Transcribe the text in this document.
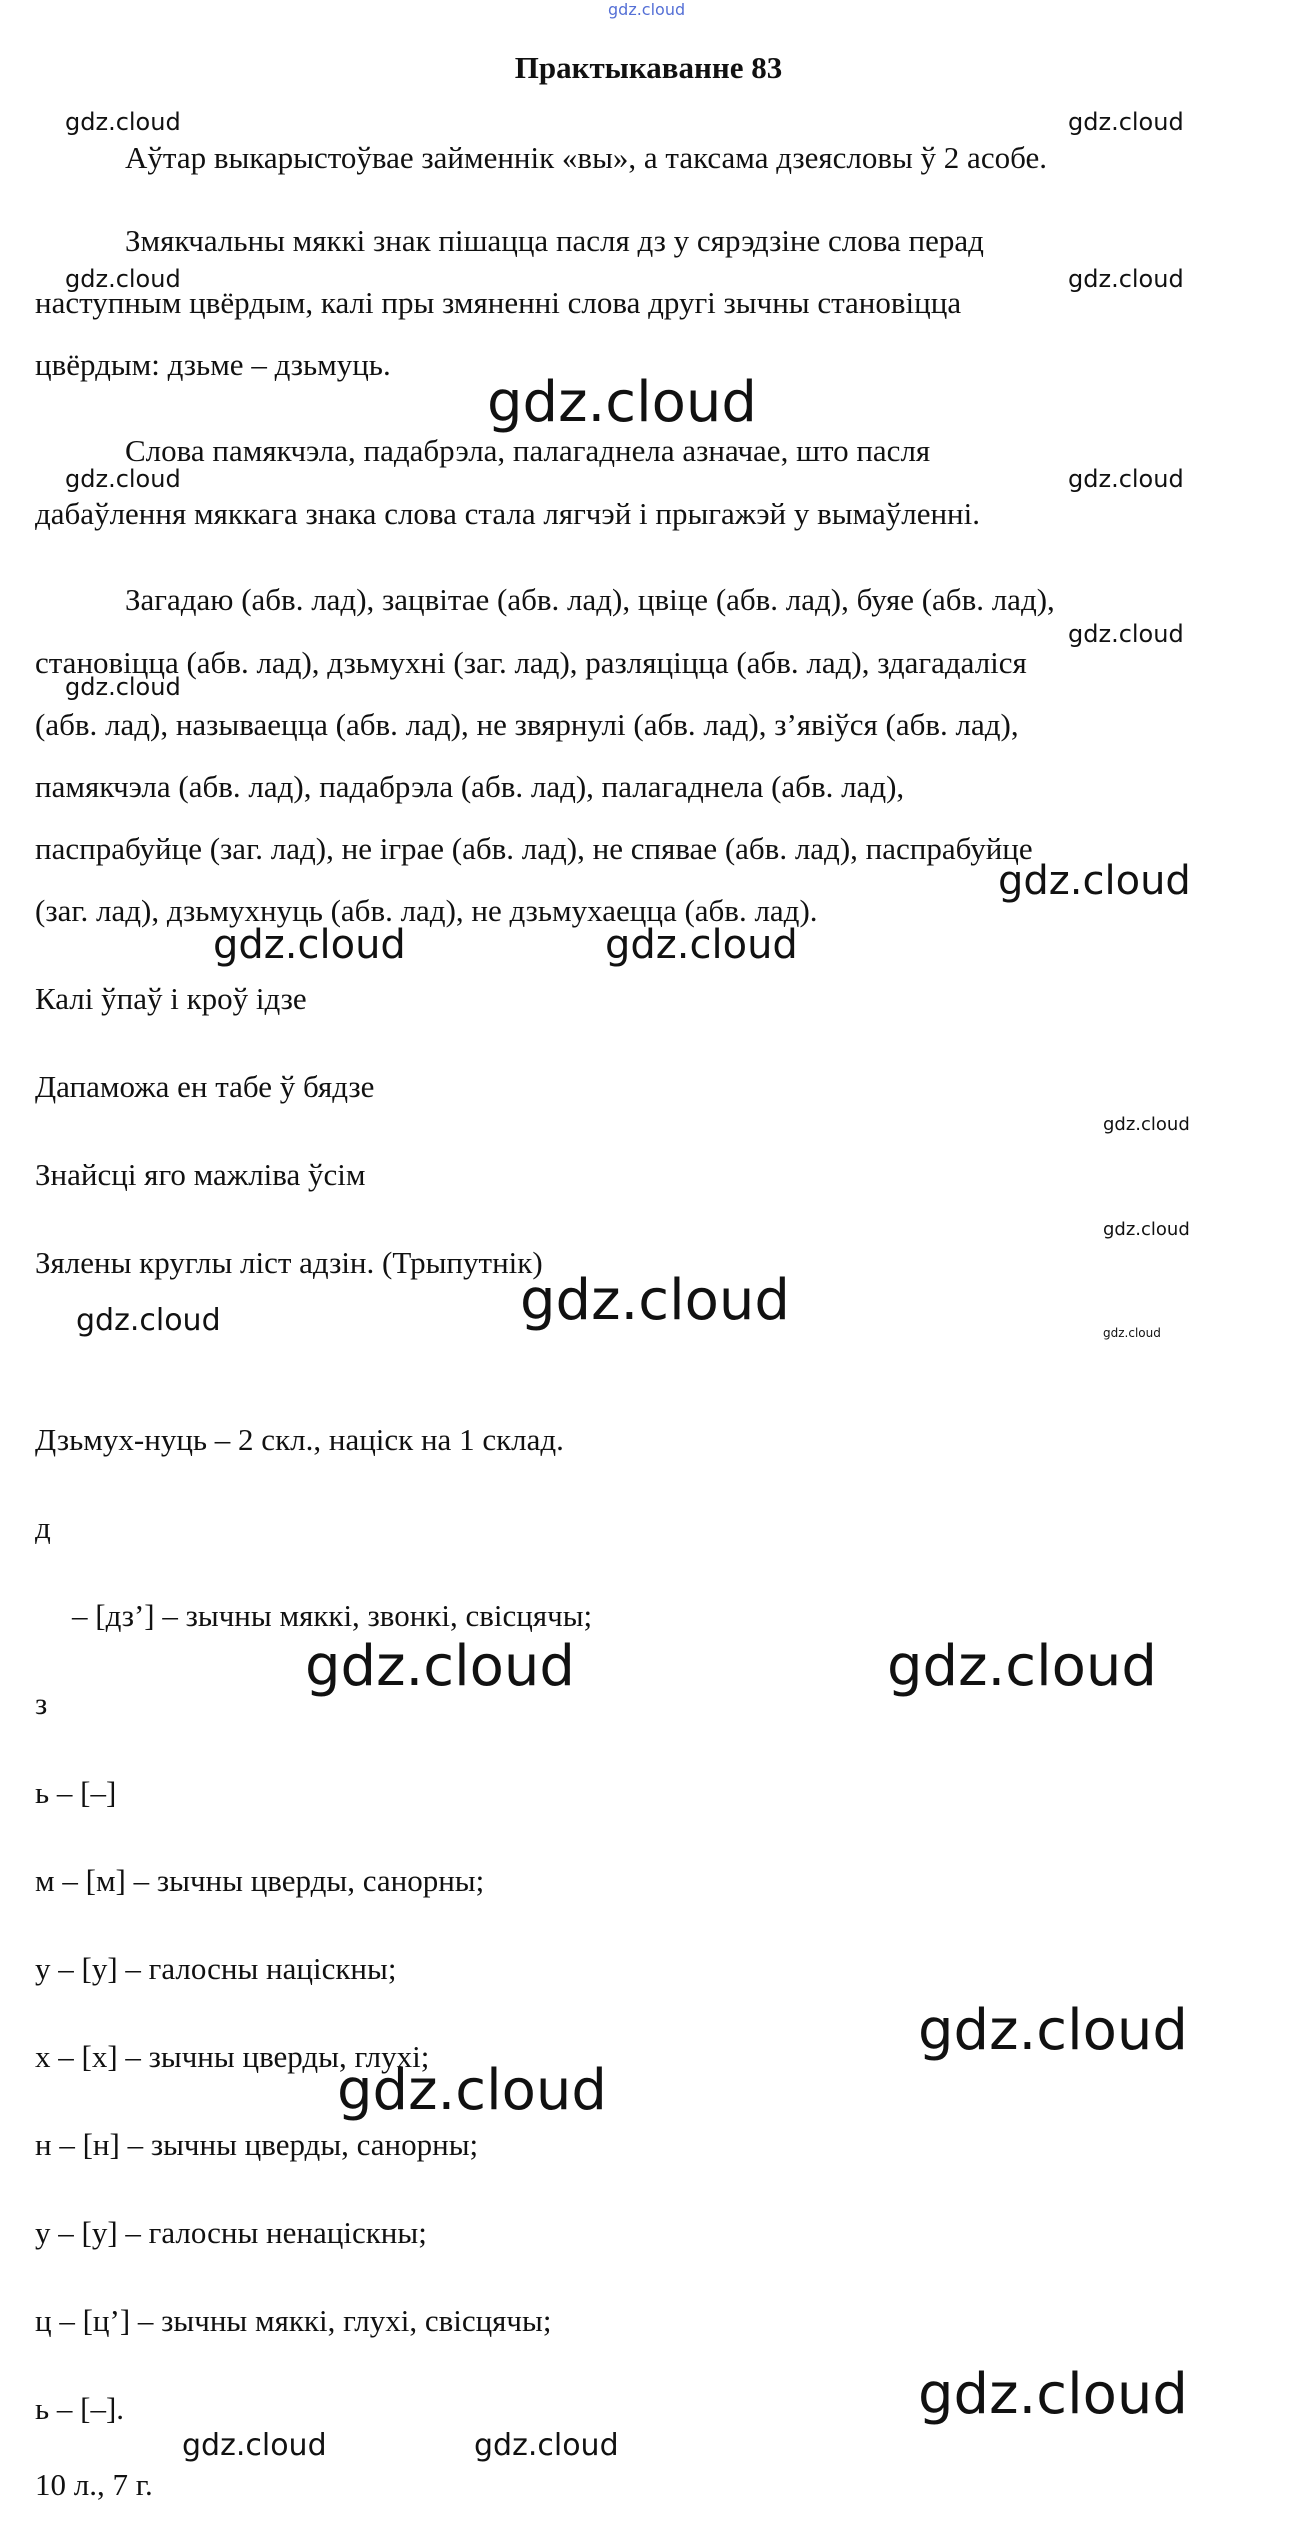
Практыкаванне 83
Аўтар выкарыстоўвае займеннік «вы», а таксама дзеясловы ў 2 асобе.
Змякчальны мяккі знак пішацца пасля дз у сярэдзіне слова перад
наступным цвёрдым, калі пры змяненні слова другі зычны становіцца
цвёрдым: дзьме – дзьмуць.
Слова памякчэла, падабрэла, палагаднела азначае, што пасля
дабаўлення мяккага знака слова стала лягчэй і прыгажэй у вымаўленні.
Загадаю (абв. лад), зацвітае (абв. лад), цвіце (абв. лад), буяе (абв. лад),
становіцца (абв. лад), дзьмухні (заг. лад), разляціцца (абв. лад), здагадаліся
(абв. лад), называецца (абв. лад), не звярнулі (абв. лад), з’явіўся (абв. лад),
памякчэла (абв. лад), падабрэла (абв. лад), палагаднела (абв. лад),
паспрабуйце (заг. лад), не іграе (абв. лад), не спявае (абв. лад), паспрабуйце
(заг. лад), дзьмухнуць (абв. лад), не дзьмухаецца (абв. лад).
Калі ўпаў і кроў ідзе
Дапаможа ен табе ў бядзе
Знайсці яго мажліва ўсім
Зялены круглы ліст адзін. (Трыпутнік)
Дзьмух-нуць – 2 скл., націск на 1 склад.
д
– [дз’] – зычны мяккі, звонкі, свісцячы;
з
ь – [–]
м – [м] – зычны цверды, санорны;
у – [у] – галосны націскны;
х – [х] – зычны цверды, глухі;
н – [н] – зычны цверды, санорны;
у – [у] – галосны ненаціскны;
ц – [ц’] – зычны мяккі, глухі, свісцячы;
ь – [–].
10 л., 7 г.
gdz.cloud
gdz.cloud	gdz.cloud
gdz.cloud	gdz.cloud
gdz.cloud
gdz.cloud	gdz.cloud
gdz.cloud
gdz.cloud
gdz.cloud
gdz.cloud	gdz.cloud
gdz.cloud
gdz.cloud
gdz.cloud
gdz.cloud	gdz.cloud
gdz.cloud	gdz.cloud
gdz.cloud
gdz.cloud
gdz.cloud
gdz.cloud	gdz.cloud
